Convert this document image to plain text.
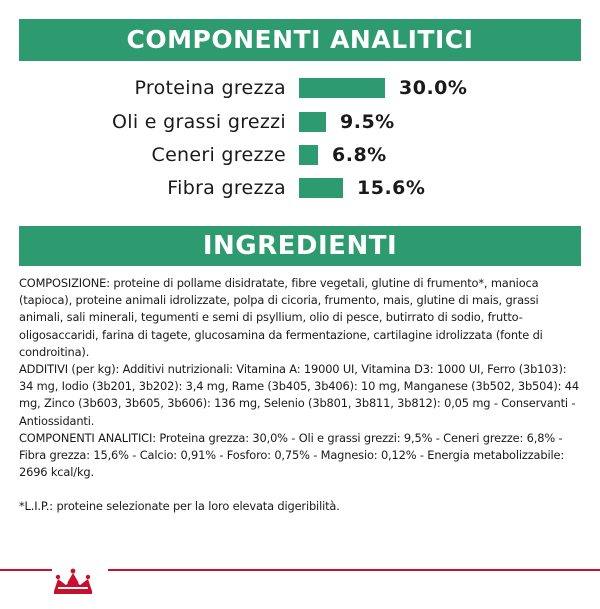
COMPONENTI ANALITICI
Proteina grezza	30.0%
Oli e grassi grezzi	9.5%
Ceneri grezze 6.8%
Fibra grezza	15.6%
INGREDIENTI

COMPOSIZIONE: proteine di pollame disidratate, fibre vegetali, glutine di frumento*, manioca (tapioca), proteine animali idrolizzate, polpa di cicoria, frumento, mais, glutine di mais, grassi animali, sali minerali, tegumenti e semi di psyllium, olio di pesce, butirrato di sodio, frutto-oligosaccaridi, farina di tagete, glucosamina da fermentazione, cartilagine idrolizzata (fonte di condroitina).

ADDITIVI (per kg): Additivi nutrizionali: Vitamina A: 19000 UI, Vitamina D3: 1000 UI, Ferro (3b103): 34 mg, Iodio (3b201, 3b202): 3,4 mg, Rame (3b405, 3b406): 10 mg, Manganese (3b502, 3b504): 44 mg, Zinco (3b603, 3b605, 3b606): 136 mg, Selenio (3b801, 3b811, 3b812): 0,05 mg - Conservanti - Antiossidanti.

COMPONENTI ANALITICI: Proteina grezza: 30,0% - Oli e grassi grezzi: 9,5% - Ceneri grezze: 6,8% - Fibra grezza: 15,6% - Calcio: 0,91% - Fosforo: 0,75% - Magnesio: 0,12% - Energia metabolizzabile: 2696 kcal/kg.

*L.I.P.: proteine selezionate per la loro elevata digeribilità.
